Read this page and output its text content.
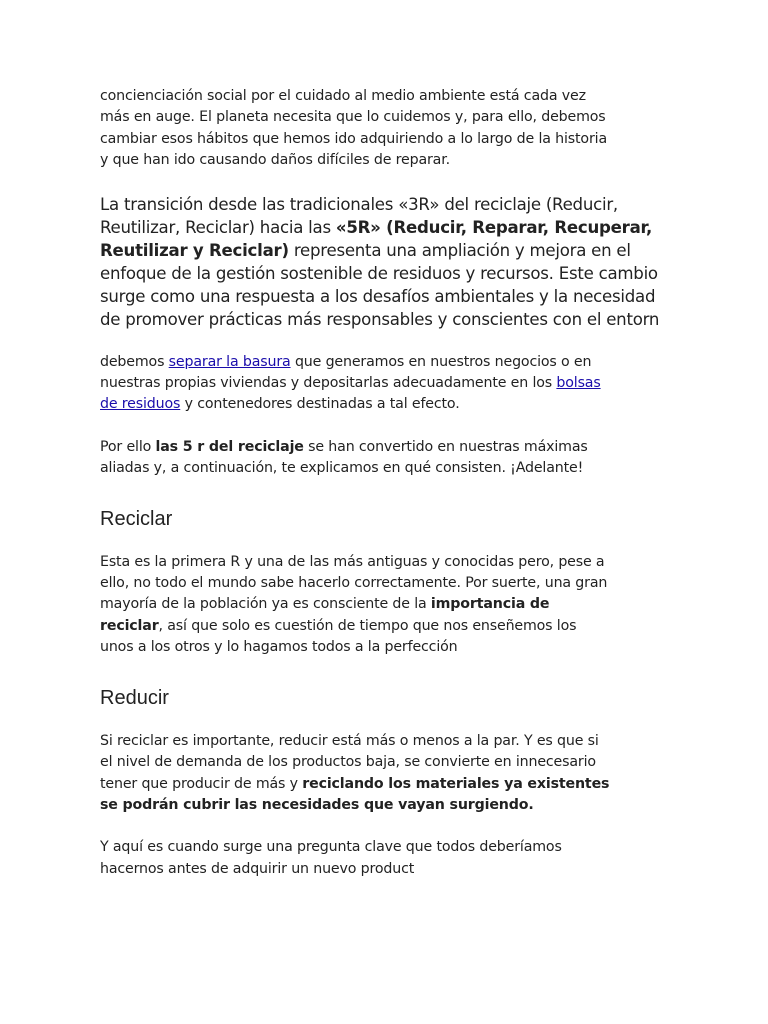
concienciación social por el cuidado al medio ambiente está cada vez más en auge. El planeta necesita que lo cuidemos y, para ello, debemos cambiar esos hábitos que hemos ido adquiriendo a lo largo de la historia y que han ido causando daños difíciles de reparar.

La transición desde las tradicionales «3R» del reciclaje (Reducir,
Reutilizar, Reciclar) hacia las «5R» (Reducir, Reparar, Recuperar,
Reutilizar y Reciclar) representa una ampliación y mejora en el
enfoque de la gestión sostenible de residuos y recursos. Este cambio
surge como una respuesta a los desafíos ambientales y la necesidad
de promover prácticas más responsables y conscientes con el entorn

debemos separar la basura que generamos en nuestros negocios o en nuestras propias viviendas y depositarlas adecuadamente en los bolsas de residuos y contenedores destinadas a tal efecto.

Por ello las 5 r del reciclaje se han convertido en nuestras máximas aliadas y, a continuación, te explicamos en qué consisten. ¡Adelante!

Reciclar

Esta es la primera R y una de las más antiguas y conocidas pero, pese a ello, no todo el mundo sabe hacerlo correctamente. Por suerte, una gran mayoría de la población ya es consciente de la importancia de reciclar, así que solo es cuestión de tiempo que nos enseñemos los unos a los otros y lo hagamos todos a la perfección

Reducir

Si reciclar es importante, reducir está más o menos a la par. Y es que si el nivel de demanda de los productos baja, se convierte en innecesario tener que producir de más y reciclando los materiales ya existentes se podrán cubrir las necesidades que vayan surgiendo.

Y aquí es cuando surge una pregunta clave que todos deberíamos hacernos antes de adquirir un nuevo product
